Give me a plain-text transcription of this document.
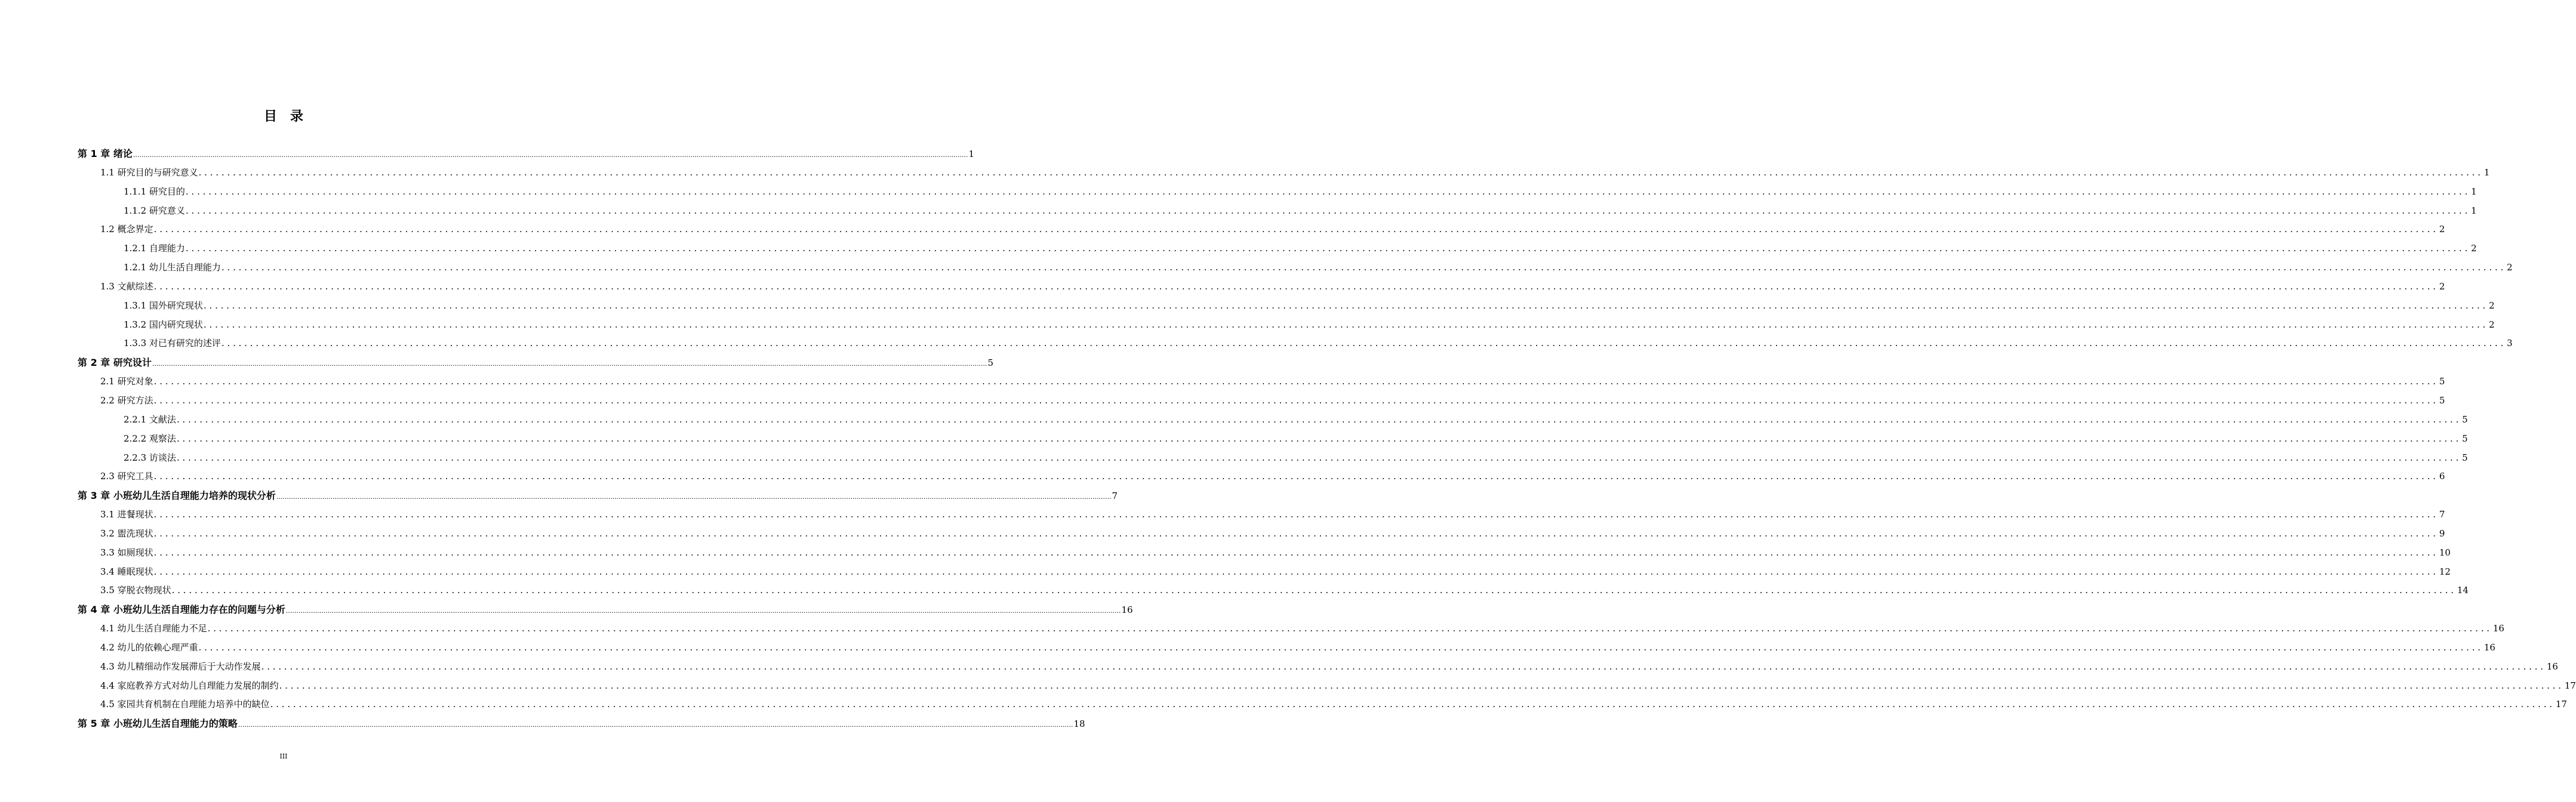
目录
第 1 章 绪论 ................................................................................................................................................................................................................................................................................................................................................................................................................ 1
1.1 研究目的与研究意义 ................................................................................................................................................................................................................................................................................................................................................................................................................ 1
1.1.1 研究目的 ................................................................................................................................................................................................................................................................................................................................................................................................................ 1
1.1.2 研究意义 ................................................................................................................................................................................................................................................................................................................................................................................................................ 1
1.2 概念界定 ................................................................................................................................................................................................................................................................................................................................................................................................................ 2
1.2.1 自理能力 ................................................................................................................................................................................................................................................................................................................................................................................................................ 2
1.2.1 幼儿生活自理能力 ................................................................................................................................................................................................................................................................................................................................................................................................................ 2
1.3 文献综述 ................................................................................................................................................................................................................................................................................................................................................................................................................ 2
1.3.1 国外研究现状 ................................................................................................................................................................................................................................................................................................................................................................................................................ 2
1.3.2 国内研究现状 ................................................................................................................................................................................................................................................................................................................................................................................................................ 2
1.3.3 对已有研究的述评 ................................................................................................................................................................................................................................................................................................................................................................................................................ 3
第 2 章 研究设计 ................................................................................................................................................................................................................................................................................................................................................................................................................ 5
2.1 研究对象 ................................................................................................................................................................................................................................................................................................................................................................................................................ 5
2.2 研究方法 ................................................................................................................................................................................................................................................................................................................................................................................................................ 5
2.2.1 文献法 ................................................................................................................................................................................................................................................................................................................................................................................................................ 5
2.2.2 观察法 ................................................................................................................................................................................................................................................................................................................................................................................................................ 5
2.2.3 访谈法 ................................................................................................................................................................................................................................................................................................................................................................................................................ 5
2.3 研究工具 ................................................................................................................................................................................................................................................................................................................................................................................................................ 6
第 3 章 小班幼儿生活自理能力培养的现状分析 ................................................................................................................................................................................................................................................................................................................................................................................................................ 7
3.1 进餐现状 ................................................................................................................................................................................................................................................................................................................................................................................................................ 7
3.2 盥洗现状 ................................................................................................................................................................................................................................................................................................................................................................................................................ 9
3.3 如厕现状 ................................................................................................................................................................................................................................................................................................................................................................................................................ 10
3.4 睡眠现状 ................................................................................................................................................................................................................................................................................................................................................................................................................ 12
3.5 穿脱衣物现状 ................................................................................................................................................................................................................................................................................................................................................................................................................ 14
第 4 章 小班幼儿生活自理能力存在的问题与分析 ................................................................................................................................................................................................................................................................................................................................................................................................................ 16
4.1 幼儿生活自理能力不足 ................................................................................................................................................................................................................................................................................................................................................................................................................ 16
4.2 幼儿的依赖心理严重 ................................................................................................................................................................................................................................................................................................................................................................................................................ 16
4.3 幼儿精细动作发展滞后于大动作发展 ................................................................................................................................................................................................................................................................................................................................................................................................................ 16
4.4 家庭教养方式对幼儿自理能力发展的制约 ................................................................................................................................................................................................................................................................................................................................................................................................................ 17
4.5 家园共育机制在自理能力培养中的缺位 ................................................................................................................................................................................................................................................................................................................................................................................................................ 17
第 5 章 小班幼儿生活自理能力的策略 ................................................................................................................................................................................................................................................................................................................................................................................................................ 18
III
